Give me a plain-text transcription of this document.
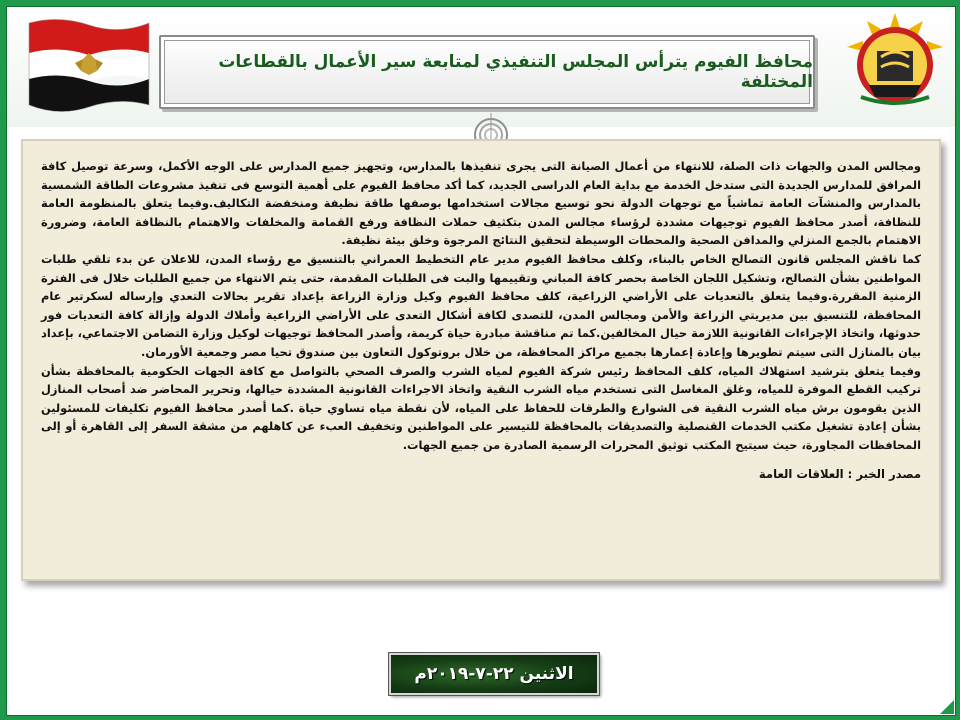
محافظ الفيوم يترأس المجلس التنفيذي لمتابعة سير الأعمال بالقطاعات المختلفة

ومجالس المدن والجهات ذات الصلة، للانتهاء من أعمال الصيانة التى يجرى تنفيذها بالمدارس، وتجهيز جميع المدارس على الوجه الأكمل، وسرعة توصيل كافة المرافق للمدارس الجديدة التى ستدخل الخدمة مع بداية العام الدراسى الجديد، كما أكد محافظ الفيوم على أهمية التوسع فى تنفيذ مشروعات الطاقة الشمسية بالمدارس والمنشآت العامة تماشياً مع توجهات الدولة نحو توسيع مجالات استخدامها بوصفها طاقة نظيفة ومنخفضة التكاليف.وفيما يتعلق بالمنظومة العامة للنظافة، أصدر محافظ الفيوم توجيهات مشددة لرؤساء مجالس المدن بتكثيف حملات النظافة ورفع القمامة والمخلفات والاهتمام بالنظافة العامة، وضرورة الاهتمام بالجمع المنزلي والمدافن الصحية والمحطات الوسيطة لتحقيق النتائج المرجوة وخلق بيئة نظيفة.

كما ناقش المجلس قانون التصالح الخاص بالبناء، وكلف محافظ الفيوم مدير عام التخطيط العمراني بالتنسيق مع رؤساء المدن، للاعلان عن بدء تلقي طلبات المواطنين بشأن التصالح، وتشكيل اللجان الخاصة بحصر كافة المباني وتقييمها والبت فى الطلبات المقدمة، حتى يتم الانتهاء من جميع الطلبات خلال فى الفترة الزمنية المقررة.وفيما يتعلق بالتعديات على الأراضي الزراعية، كلف محافظ الفيوم وكيل وزارة الزراعة بإعداد تقرير بحالات التعدي وإرساله لسكرتير عام المحافظة، للتنسيق بين مديريتي الزراعة والأمن ومجالس المدن، للتصدى لكافة أشكال التعدى على الأراضي الزراعية وأملاك الدولة وإزالة كافة التعديات فور حدوثها، واتخاذ الإجراءات القانونية اللازمة حيال المخالفين.كما تم مناقشة مبادرة حياة كريمة، وأصدر المحافظ توجيهات لوكيل وزارة التضامن الاجتماعي، بإعداد بيان بالمنازل التى سيتم تطويرها وإعادة إعمارها بجميع مراكز المحافظة، من خلال بروتوكول التعاون بين صندوق تحيا مصر وجمعية الأورمان.

وفيما يتعلق بترشيد استهلاك المياه، كلف المحافظ رئيس شركة الفيوم لمياه الشرب والصرف الصحي بالتواصل مع كافة الجهات الحكومية بالمحافظة بشأن تركيب القطع الموفرة للمياه، وغلق المغاسل التى تستخدم مياه الشرب النقية واتخاذ الاجراءات القانونية المشددة حيالها، وتحرير المحاضر ضد أصحاب المنازل الذين يقومون برش مياه الشرب النقية فى الشوارع والطرقات للحفاظ على المياه، لأن نقطة مياه تساوي حياة .كما أصدر محافظ الفيوم تكليفات للمسئولين بشأن إعادة تشغيل مكتب الخدمات القنصلية والتصديقات بالمحافظة للتيسير على المواطنين وتخفيف العبء عن كاهلهم من مشقة السفر إلى القاهرة أو إلى المحافظات المجاورة، حيث سيتيح المكتب توثيق المحررات الرسمية الصادرة من جميع الجهات.

مصدر الخبر : العلاقات العامة
الاثنين ٢٢-٧-٢٠١٩م
